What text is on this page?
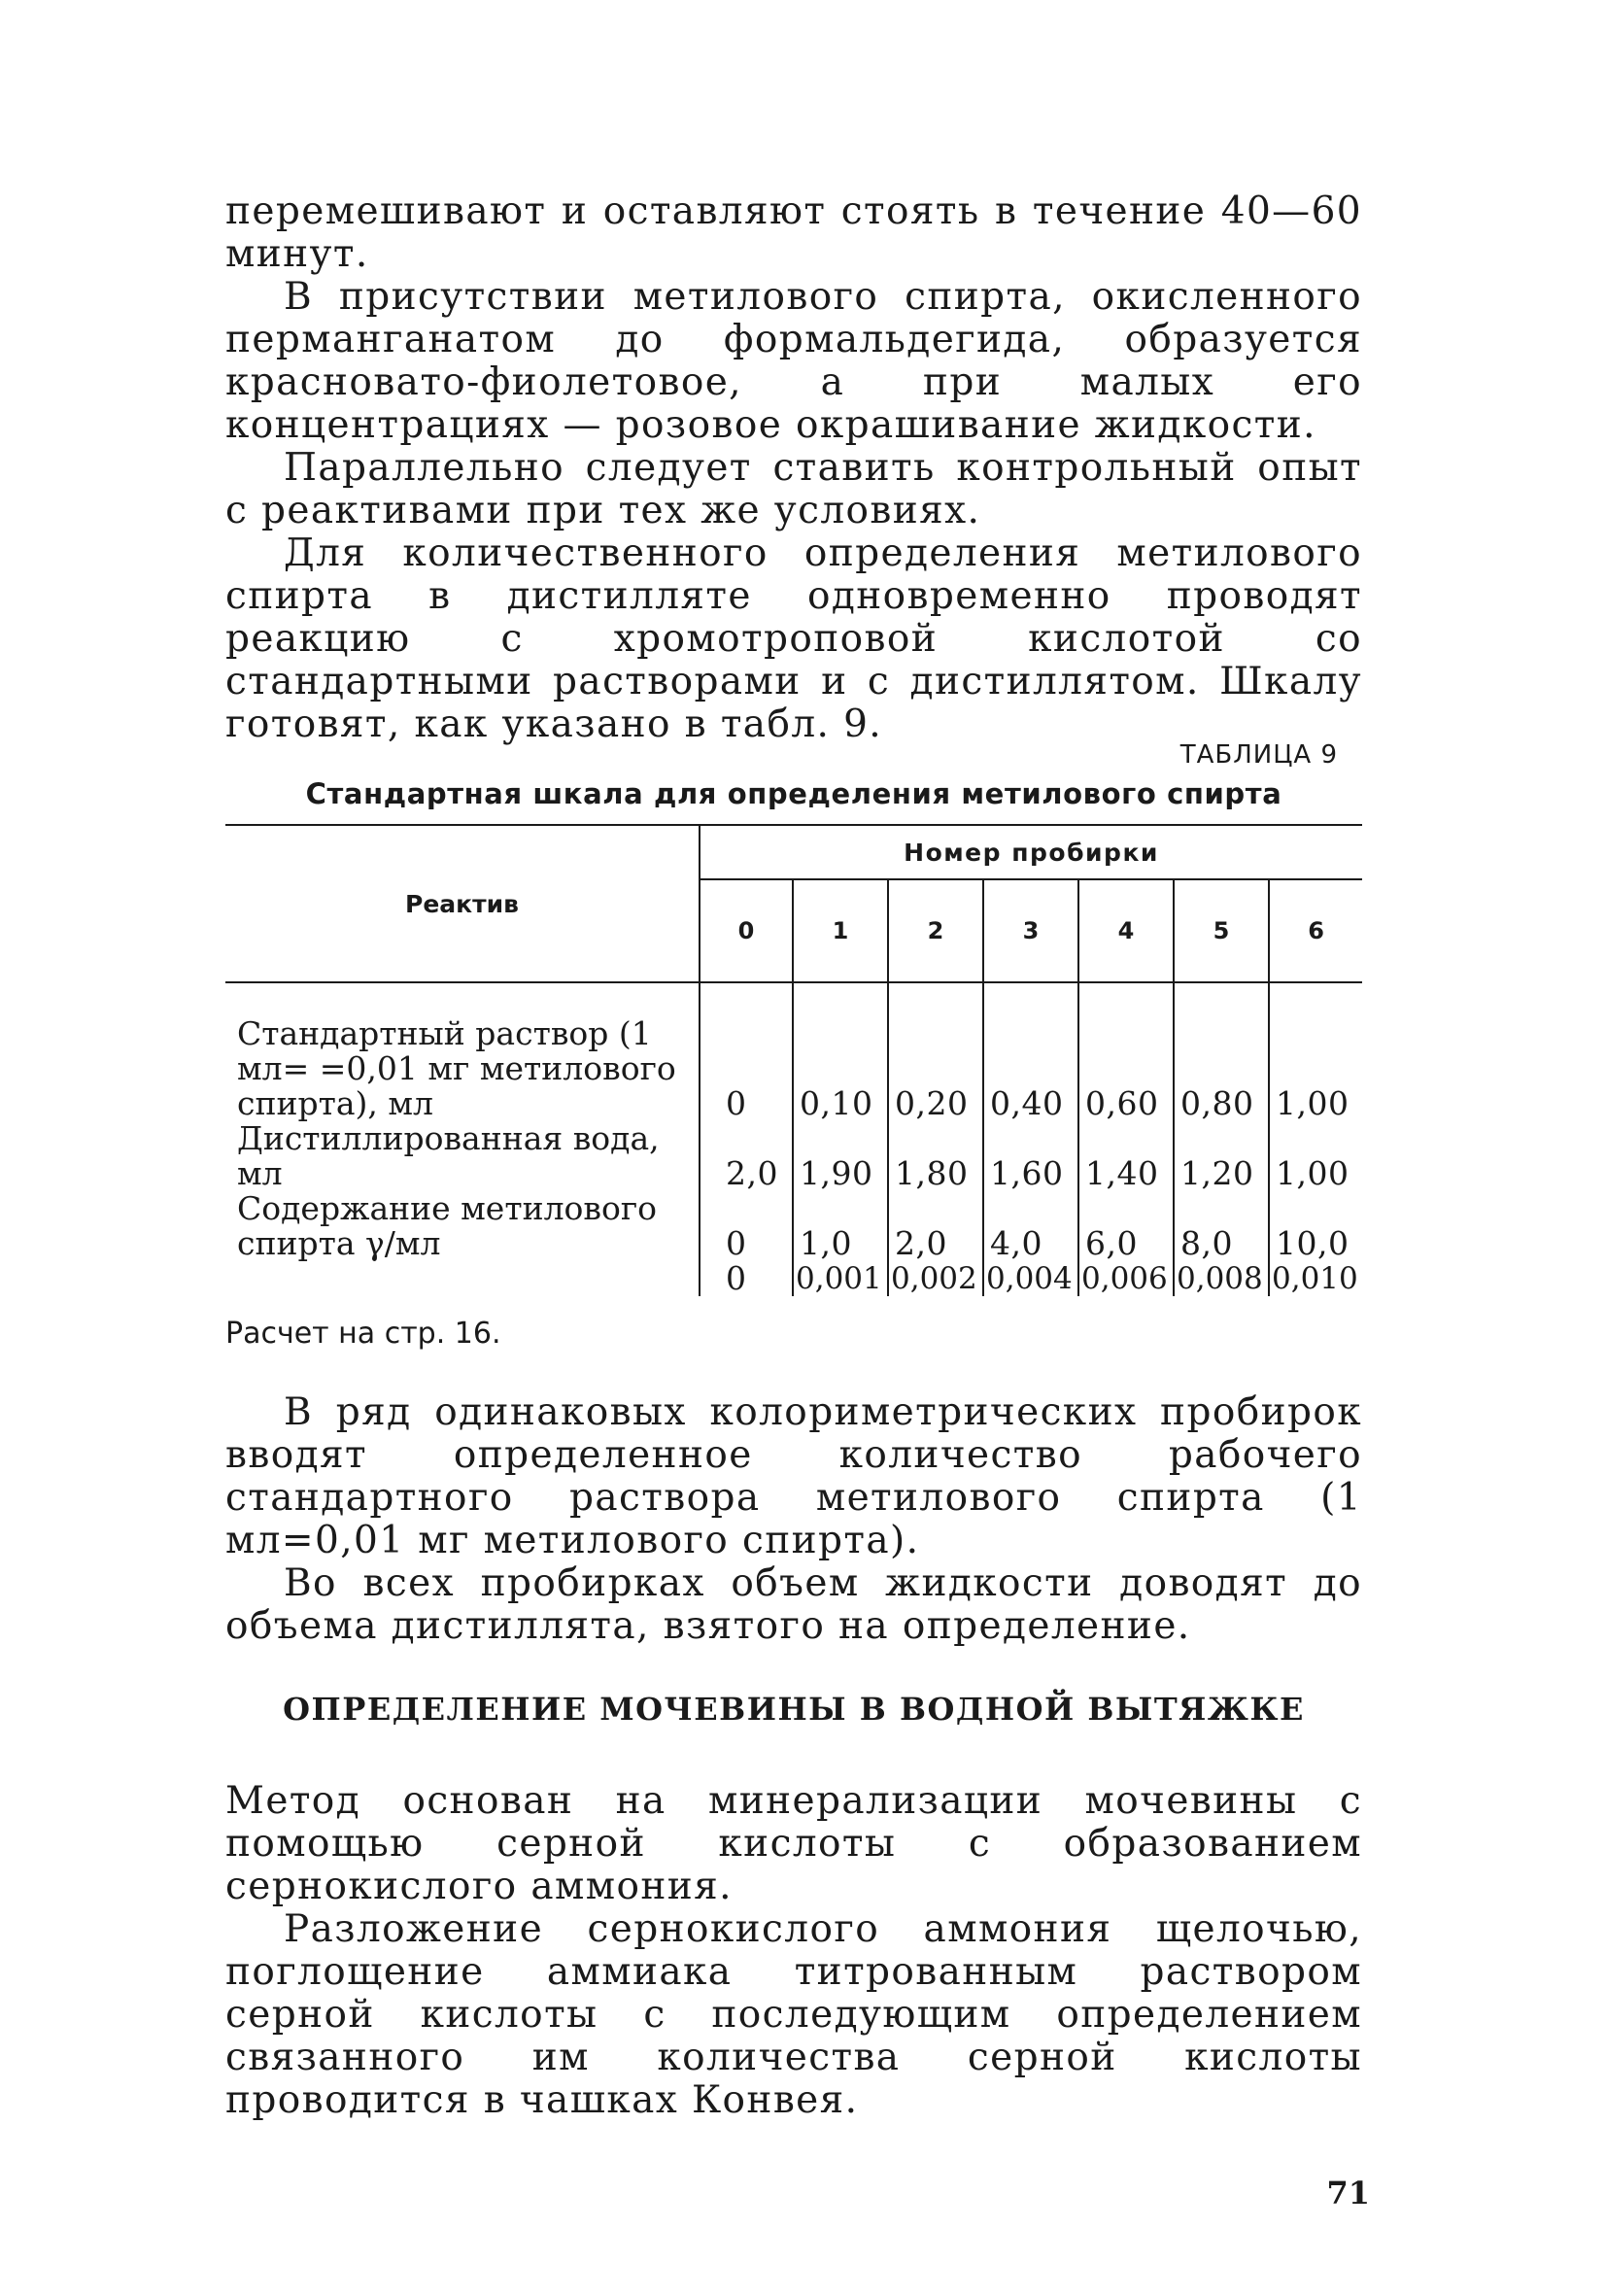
перемешивают и оставляют стоять в течение 40—60 минут.

В присутствии метилового спирта, окисленного перманганатом до формальдегида, образуется красновато-фиолетовое, а при малых его концентрациях — розовое окрашивание жидкости.

Параллельно следует ставить контрольный опыт с реактивами при тех же условиях.

Для количественного определения метилового спирта в дистилляте одновременно проводят реакцию с хромотроповой кислотой со стандартными растворами и с дистиллятом. Шкалу готовят, как указано в табл. 9.

ТАБЛИЦА 9
Стандартная шкала для определения метилового спирта
Реактив	Номер пробирки						
	0	1	2	3	4	5	6

Стандартный раствор (1 мл= =0,01 мг метилового спирта), мл	0	0,10	0,20	0,40	0,60	0,80	1,00
Дистиллированная вода, мл	2,0	1,90	1,80	1,60	1,40	1,20	1,00
Содержание метилового спирта γ/мл	0	1,0	2,0	4,0	6,0	8,0	10,0
	0	0,001	0,002	0,004	0,006	0,008	0,010
Расчет на стр. 16.

В ряд одинаковых колориметрических пробирок вводят определенное количество рабочего стандартного раствора метилового спирта (1 мл=0,01 мг метилового спирта).

Во всех пробирках объем жидкости доводят до объема дистиллята, взятого на определение.

ОПРЕДЕЛЕНИЕ МОЧЕВИНЫ В ВОДНОЙ ВЫТЯЖКЕ

Метод основан на минерализации мочевины с помощью серной кислоты с образованием сернокислого аммония.

Разложение сернокислого аммония щелочью, поглощение аммиака титрованным раствором серной кислоты с последующим определением связанного им количества серной кислоты проводится в чашках Конвея.

71
